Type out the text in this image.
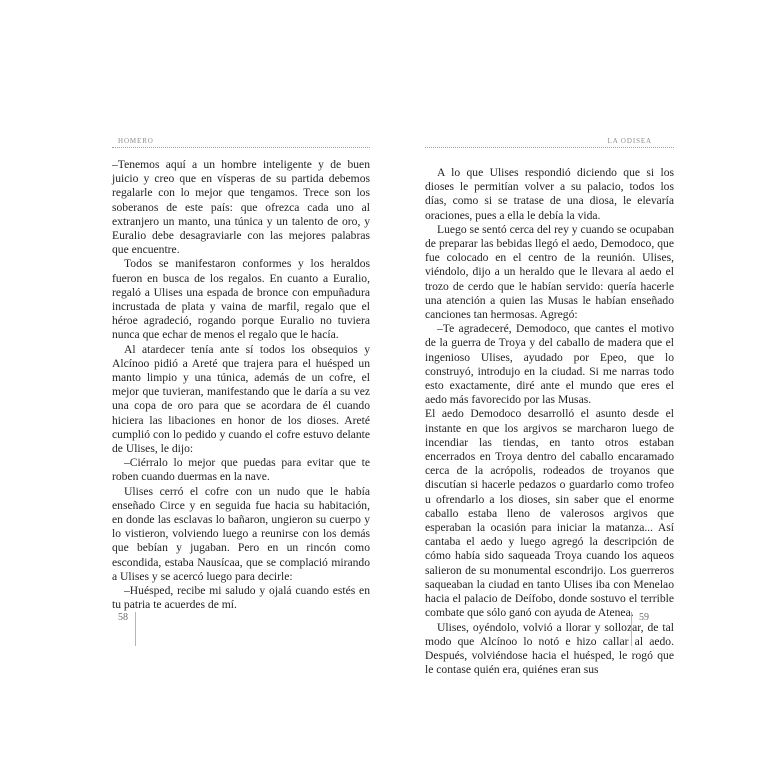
HOMERO

–Tenemos aquí a un hombre inteligente y de buen juicio y creo que en vísperas de su partida debemos regalarle con lo mejor que tengamos. Trece son los soberanos de este país: que ofrezca cada uno al extranjero un manto, una túnica y un talento de oro, y Euralio debe desagraviarle con las mejores palabras que encuentre.

Todos se manifestaron conformes y los heraldos fueron en busca de los regalos. En cuanto a Euralio, regaló a Ulises una espada de bronce con empuñadura incrustada de plata y vaina de marfil, regalo que el héroe agradeció, rogando porque Euralio no tuviera nunca que echar de menos el regalo que le hacía.

Al atardecer tenía ante sí todos los obsequios y Alcínoo pidió a Areté que trajera para el huésped un manto limpio y una túnica, además de un cofre, el mejor que tuvieran, manifestando que le daría a su vez una copa de oro para que se acordara de él cuando hiciera las libaciones en honor de los dioses. Areté cumplió con lo pedido y cuando el cofre estuvo delante de Ulises, le dijo:

–Ciérralo lo mejor que puedas para evitar que te roben cuando duermas en la nave.

Ulises cerró el cofre con un nudo que le había enseñado Circe y en seguida fue hacia su habitación, en donde las esclavas lo bañaron, ungieron su cuerpo y lo vistieron, volviendo luego a reunirse con los demás que bebían y jugaban. Pero en un rincón como escondida, estaba Nausícaa, que se complació mirando a Ulises y se acercó luego para decirle:

–Huésped, recibe mi saludo y ojalá cuando estés en tu patria te acuerdes de mí.

58
LA ODISEA

A lo que Ulises respondió diciendo que si los dioses le permitían volver a su palacio, todos los días, como si se tratase de una diosa, le elevaría oraciones, pues a ella le debía la vida.

Luego se sentó cerca del rey y cuando se ocupaban de preparar las bebidas llegó el aedo, Demodoco, que fue colocado en el centro de la reunión. Ulises, viéndolo, dijo a un heraldo que le llevara al aedo el trozo de cerdo que le habían servido: quería hacerle una atención a quien las Musas le habían enseñado canciones tan hermosas. Agregó:

–Te agradeceré, Demodoco, que cantes el motivo de la guerra de Troya y del caballo de madera que el ingenioso Ulises, ayudado por Epeo, que lo construyó, introdujo en la ciudad. Si me narras todo esto exactamente, diré ante el mundo que eres el aedo más favorecido por las Musas.

El aedo Demodoco desarrolló el asunto desde el instante en que los argivos se marcharon luego de incendiar las tiendas, en tanto otros estaban encerrados en Troya dentro del caballo encaramado cerca de la acrópolis, rodeados de troyanos que discutían si hacerle pedazos o guardarlo como trofeo u ofrendarlo a los dioses, sin saber que el enorme caballo estaba lleno de valerosos argivos que esperaban la ocasión para iniciar la matanza... Así cantaba el aedo y luego agregó la descripción de cómo había sido saqueada Troya cuando los aqueos salieron de su monumental escondrijo. Los guerreros saqueaban la ciudad en tanto Ulises iba con Menelao hacia el palacio de Deífobo, donde sostuvo el terrible combate que sólo ganó con ayuda de Atenea.

Ulises, oyéndolo, volvió a llorar y sollozar, de tal modo que Alcínoo lo notó e hizo callar al aedo. Después, volviéndose hacia el huésped, le rogó que le contase quién era, quiénes eran sus

59
